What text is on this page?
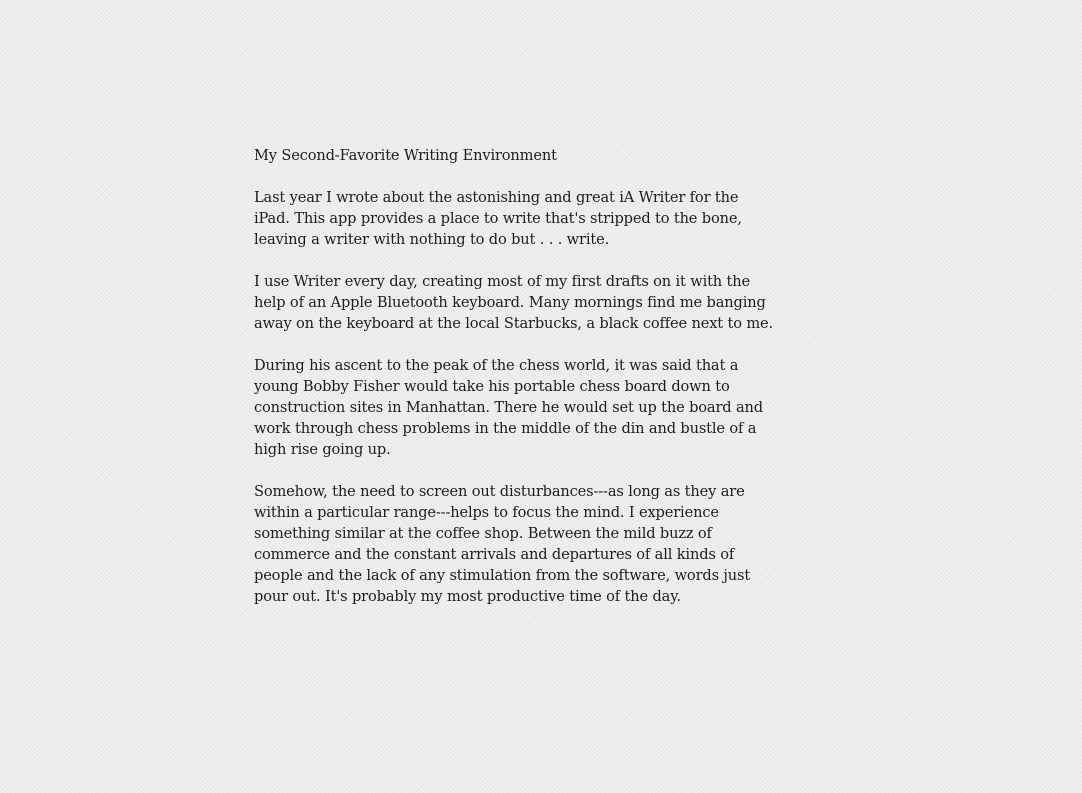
My Second-Favorite Writing Environment

Last year I wrote about the astonishing and great iA Writer for the iPad. This app provides a place to write that's stripped to the bone, leaving a writer with nothing to do but . . . write.

I use Writer every day, creating most of my first drafts on it with the help of an Apple Bluetooth keyboard. Many mornings find me banging away on the keyboard at the local Starbucks, a black coffee next to me.

During his ascent to the peak of the chess world, it was said that a young Bobby Fisher would take his portable chess board down to construction sites in Manhattan. There he would set up the board and work through chess problems in the middle of the din and bustle of a high rise going up.

Somehow, the need to screen out disturbances---as long as they are within a particular range---helps to focus the mind. I experience something similar at the coffee shop. Between the mild buzz of commerce and the constant arrivals and departures of all kinds of people and the lack of any stimulation from the software, words just pour out. It's probably my most productive time of the day.
